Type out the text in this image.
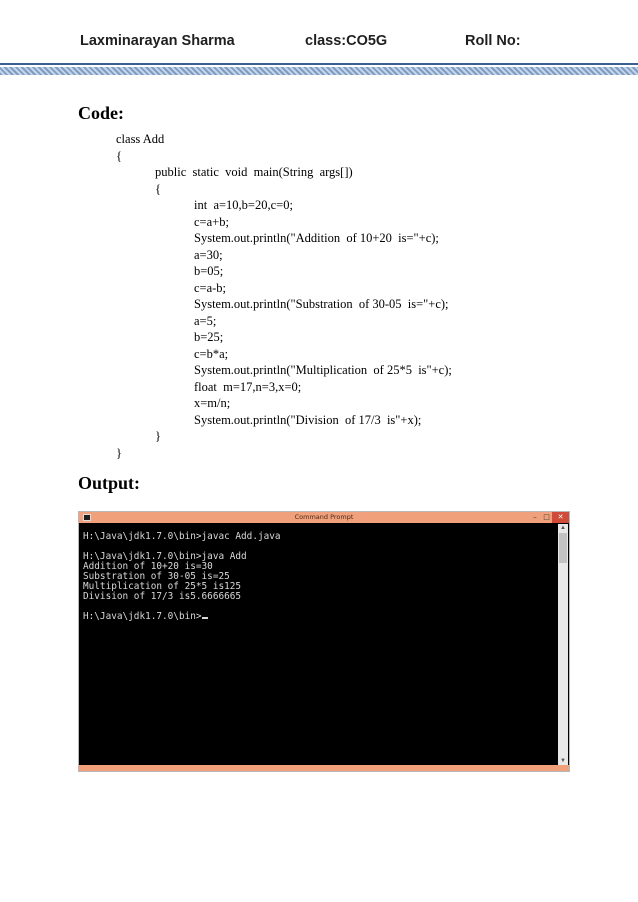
Laxminarayan Sharma	class:CO5G	Roll No:
Code:
class Add
{
public  static  void  main(String  args[])
{
int  a=10,b=20,c=0;
c=a+b;
System.out.println("Addition  of 10+20  is="+c);
a=30;
b=05;
c=a-b;
System.out.println("Substration  of 30-05  is="+c);
a=5;
b=25;
c=b*a;
System.out.println("Multiplication  of 25*5  is"+c);
float  m=17,n=3,x=0;
x=m/n;
System.out.println("Division  of 17/3  is"+x);
}
}
Output:
Command Prompt	– □	✕
H:\Java\jdk1.7.0\bin>javac Add.java
H:\Java\jdk1.7.0\bin>java Add
Addition of 10+20 is=30
Substration of 30-05 is=25
Multiplication of 25*5 is125
Division of 17/3 is5.6666665
H:\Java\jdk1.7.0\bin>
▲
▼
